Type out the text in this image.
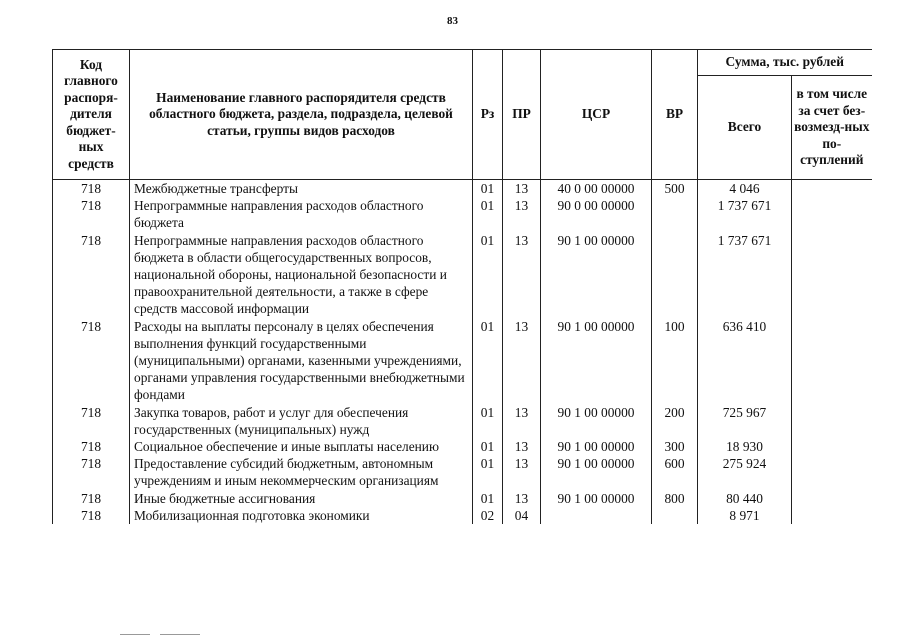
83
Код главного распоря-дителя бюджет-ных средств	Наименование главного распорядителя средств областного бюджета, раздела, подраздела, целевой статьи, группы видов расходов	Рз	ПР	ЦСР	ВР	Сумма, тыс. рублей	
						Всего	в том числе за счет без-возмезд-ных по-ступлений
718	Межбюджетные трансферты	01	13	40 0 00 00000	500	4 046	
718	Непрограммные направления расходов областного бюджета	01	13	90 0 00 00000		1 737 671	
718	Непрограммные направления расходов областного бюджета в области общегосударственных вопросов, национальной обороны, национальной безопасности и правоохранительной деятельности, а также в сфере средств массовой информации	01	13	90 1 00 00000		1 737 671	
718	Расходы на выплаты персоналу в целях обеспечения выполнения функций государственными (муниципальными) органами, казенными учреждениями, органами управления государственными внебюджетными фондами	01	13	90 1 00 00000	100	636 410	
718	Закупка товаров, работ и услуг для обеспечения государственных (муниципальных) нужд	01	13	90 1 00 00000	200	725 967	
718	Социальное обеспечение и иные выплаты населению	01	13	90 1 00 00000	300	18 930	
718	Предоставление субсидий бюджетным, автономным учреждениям и иным некоммерческим организациям	01	13	90 1 00 00000	600	275 924	
718	Иные бюджетные ассигнования	01	13	90 1 00 00000	800	80 440	
718	Мобилизационная подготовка экономики	02	04			8 971	
